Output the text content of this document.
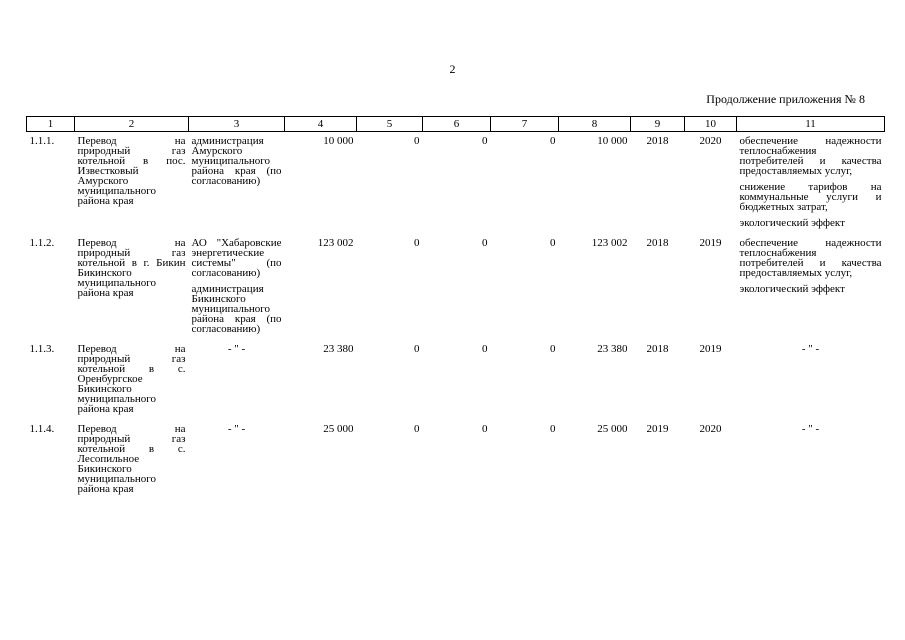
2
Продолжение приложения № 8
1	2	3	4	5	6	7	8	9	10	11
1.1.1.	Перевод на природный газ котельной в пос. Известковый Амурского муниципального района края	администрация Амурского муниципального района края (по согласованию)	10 000	0	0	0	10 000	2018	2020	обеспечение надежности теплоснабжения потребителей и качества предоставляемых услуг,
снижение тарифов на коммунальные услуги и бюджетных затрат,
экологический эффект

1.1.2.	Перевод на природный газ котельной в г. Бикин Бикинского муниципального района края	АО "Хабаровские энергетические системы" (по согласованию)
администрация Бикинского муниципального района края (по согласованию)	123 002	0	0	0	123 002	2018	2019	обеспечение надежности теплоснабжения потребителей и качества предоставляемых услуг,
экологический эффект

1.1.3.	Перевод на природный газ котельной в с. Оренбургское Бикинского муниципального района края	- " -	23 380	0	0	0	23 380	2018	2019	- " -

1.1.4.	Перевод на природный газ котельной в с. Лесопильное Бикинского муниципального района края	- " -	25 000	0	0	0	25 000	2019	2020	- " -
